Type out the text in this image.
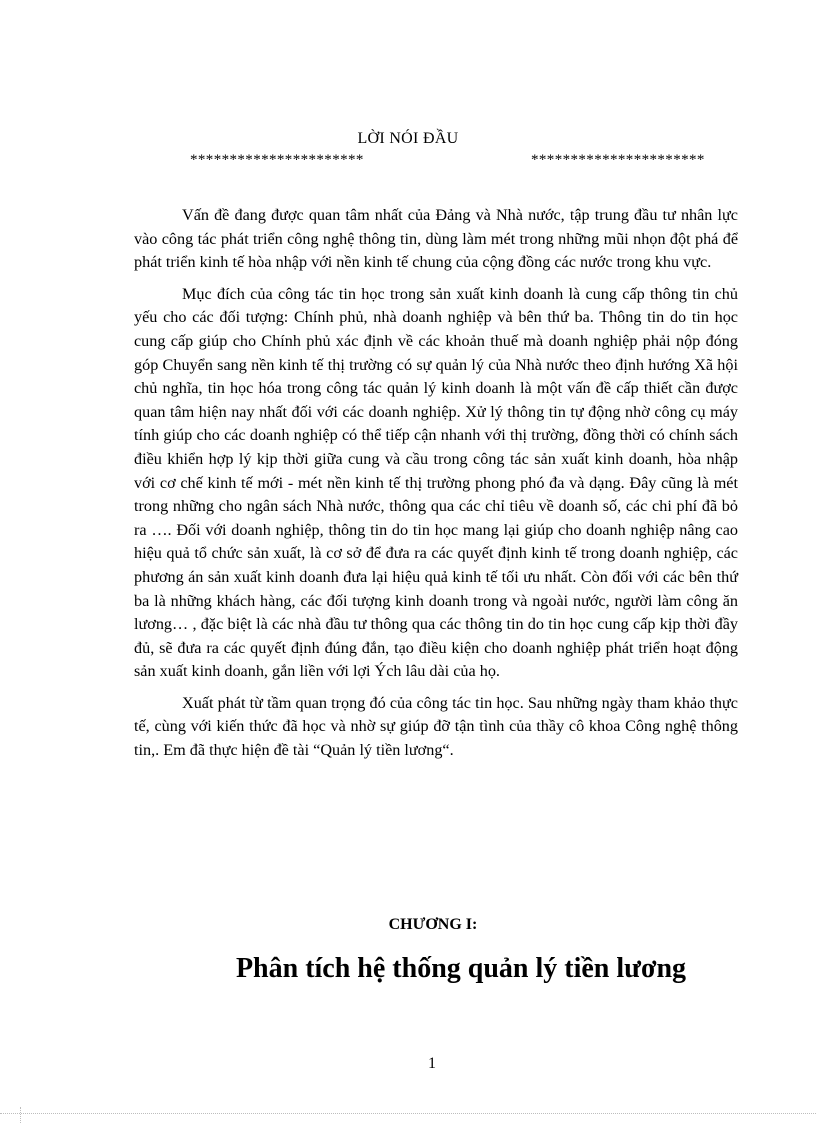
LỜI NÓI ĐẦU
**********************	**********************

Vấn đề đang được quan tâm nhất của Đảng và Nhà nước, tập trung đầu tư nhân lực vào công tác phát triển công nghệ thông tin, dùng làm mét trong những mũi nhọn đột phá để phát triển kinh tế hòa nhập với nền kinh tế chung của cộng đồng các nước trong khu vực.

Mục đích của công tác tin học trong sản xuất kinh doanh là cung cấp thông tin chủ yếu cho các đối tượng: Chính phủ, nhà doanh nghiệp và bên thứ ba. Thông tin do tin học cung cấp giúp cho Chính phủ xác định về các khoản thuế mà doanh nghiệp phải nộp đóng góp Chuyển sang nền kinh tế thị trường có sự quản lý của Nhà nước theo định hướng Xã hội chủ nghĩa, tin học hóa trong công tác quản lý kinh doanh là một vấn đề cấp thiết cần được quan tâm hiện nay nhất đối với các doanh nghiệp. Xử lý thông tin tự động nhờ công cụ máy tính giúp cho các doanh nghiệp có thể tiếp cận nhanh với thị trường, đồng thời có chính sách điều khiển hợp lý kịp thời giữa cung và cầu trong công tác sản xuất kinh doanh, hòa nhập với cơ chế kinh tế mới - mét nền kinh tế thị trường phong phó đa và dạng. Đây cũng là mét trong những cho ngân sách Nhà nước, thông qua các chỉ tiêu về doanh số, các chi phí đã bỏ ra …. Đối với doanh nghiệp, thông tin do tin học mang lại giúp cho doanh nghiệp nâng cao hiệu quả tổ chức sản xuất, là cơ sở để đưa ra các quyết định kinh tế trong doanh nghiệp, các phương án sản xuất kinh doanh đưa lại hiệu quả kinh tế tối ưu nhất. Còn đối với các bên thứ ba là những khách hàng, các đối tượng kinh doanh trong và ngoài nước, người làm công ăn lương… , đặc biệt là các nhà đầu tư thông qua các thông tin do tin học cung cấp kịp thời đầy đủ, sẽ đưa ra các quyết định đúng đắn, tạo điều kiện cho doanh nghiệp phát triển hoạt động sản xuất kinh doanh, gắn liền với lợi Ých lâu dài của họ.

Xuất phát từ tầm quan trọng đó của công tác tin học. Sau những ngày tham khảo thực tế, cùng với kiến thức đã học và nhờ sự giúp đỡ tận tình của thầy cô khoa Công nghệ thông tin,. Em đã thực hiện đề tài “Quản lý tiền lương“.

CHƯƠNG I:
Phân tích hệ thống quản lý tiền lương
1
